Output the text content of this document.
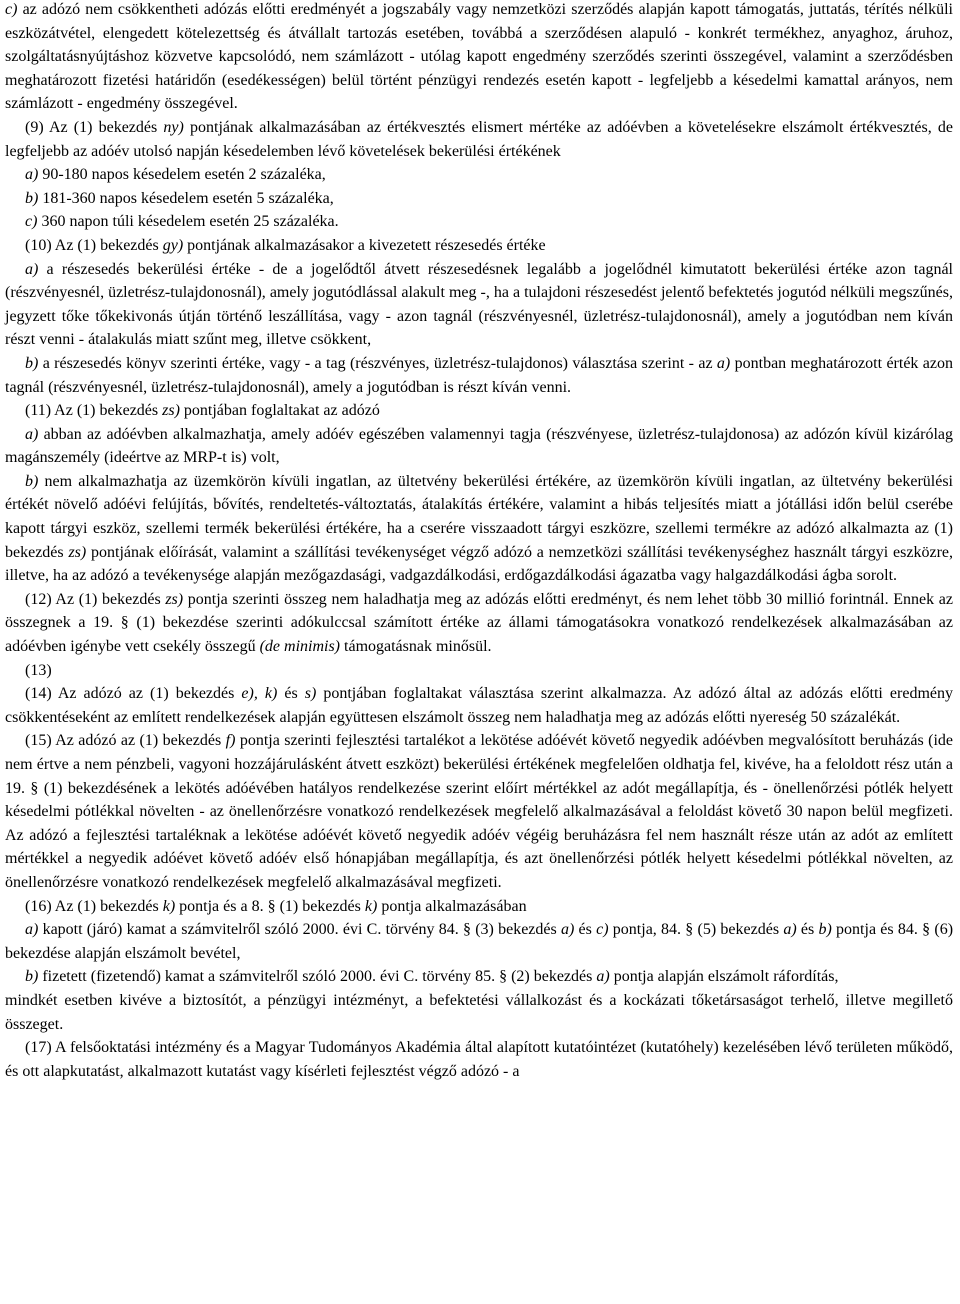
c) az adózó nem csökkentheti adózás előtti eredményét a jogszabály vagy nemzetközi szerződés alapján kapott támogatás, juttatás, térítés nélküli eszközátvétel, elengedett kötelezettség és átvállalt tartozás esetében, továbbá a szerződésen alapuló - konkrét termékhez, anyaghoz, áruhoz, szolgáltatásnyújtáshoz közvetve kapcsolódó, nem számlázott - utólag kapott engedmény szerződés szerinti összegével, valamint a szerződésben meghatározott fizetési határidőn (esedékességen) belül történt pénzügyi rendezés esetén kapott - legfeljebb a késedelmi kamattal arányos, nem számlázott - engedmény összegével.

(9) Az (1) bekezdés ny) pontjának alkalmazásában az értékvesztés elismert mértéke az adóévben a követelésekre elszámolt értékvesztés, de legfeljebb az adóév utolsó napján késedelemben lévő követelések bekerülési értékének

a) 90-180 napos késedelem esetén 2 százaléka,

b) 181-360 napos késedelem esetén 5 százaléka,

c) 360 napon túli késedelem esetén 25 százaléka.

(10) Az (1) bekezdés gy) pontjának alkalmazásakor a kivezetett részesedés értéke

a) a részesedés bekerülési értéke - de a jogelődtől átvett részesedésnek legalább a jogelődnél kimutatott bekerülési értéke azon tagnál (részvényesnél, üzletrész-tulajdonosnál), amely jogutódlással alakult meg -, ha a tulajdoni részesedést jelentő befektetés jogutód nélküli megszűnés, jegyzett tőke tőkekivonás útján történő leszállítása, vagy - azon tagnál (részvényesnél, üzletrész-tulajdonosnál), amely a jogutódban nem kíván részt venni - átalakulás miatt szűnt meg, illetve csökkent,

b) a részesedés könyv szerinti értéke, vagy - a tag (részvényes, üzletrész-tulajdonos) választása szerint - az a) pontban meghatározott érték azon tagnál (részvényesnél, üzletrész-tulajdonosnál), amely a jogutódban is részt kíván venni.

(11) Az (1) bekezdés zs) pontjában foglaltakat az adózó

a) abban az adóévben alkalmazhatja, amely adóév egészében valamennyi tagja (részvényese, üzletrész-tulajdonosa) az adózón kívül kizárólag magánszemély (ideértve az MRP-t is) volt,

b) nem alkalmazhatja az üzemkörön kívüli ingatlan, az ültetvény bekerülési értékére, az üzemkörön kívüli ingatlan, az ültetvény bekerülési értékét növelő adóévi felújítás, bővítés, rendeltetés-változtatás, átalakítás értékére, valamint a hibás teljesítés miatt a jótállási időn belül cserébe kapott tárgyi eszköz, szellemi termék bekerülési értékére, ha a cserére visszaadott tárgyi eszközre, szellemi termékre az adózó alkalmazta az (1) bekezdés zs) pontjának előírását, valamint a szállítási tevékenységet végző adózó a nemzetközi szállítási tevékenységhez használt tárgyi eszközre, illetve, ha az adózó a tevékenysége alapján mezőgazdasági, vadgazdálkodási, erdőgazdálkodási ágazatba vagy halgazdálkodási ágba sorolt.

(12) Az (1) bekezdés zs) pontja szerinti összeg nem haladhatja meg az adózás előtti eredményt, és nem lehet több 30 millió forintnál. Ennek az összegnek a 19. § (1) bekezdése szerinti adókulccsal számított értéke az állami támogatásokra vonatkozó rendelkezések alkalmazásában az adóévben igénybe vett csekély összegű (de minimis) támogatásnak minősül.

(13)

(14) Az adózó az (1) bekezdés e), k) és s) pontjában foglaltakat választása szerint alkalmazza. Az adózó által az adózás előtti eredmény csökkentéseként az említett rendelkezések alapján együttesen elszámolt összeg nem haladhatja meg az adózás előtti nyereség 50 százalékát.

(15) Az adózó az (1) bekezdés f) pontja szerinti fejlesztési tartalékot a lekötése adóévét követő negyedik adóévben megvalósított beruházás (ide nem értve a nem pénzbeli, vagyoni hozzájárulásként átvett eszközt) bekerülési értékének megfelelően oldhatja fel, kivéve, ha a feloldott rész után a 19. § (1) bekezdésének a lekötés adóévében hatályos rendelkezése szerint előírt mértékkel az adót megállapítja, és - önellenőrzési pótlék helyett késedelmi pótlékkal növelten - az önellenőrzésre vonatkozó rendelkezések megfelelő alkalmazásával a feloldást követő 30 napon belül megfizeti. Az adózó a fejlesztési tartaléknak a lekötése adóévét követő negyedik adóév végéig beruházásra fel nem használt része után az adót az említett mértékkel a negyedik adóévet követő adóév első hónapjában megállapítja, és azt önellenőrzési pótlék helyett késedelmi pótlékkal növelten, az önellenőrzésre vonatkozó rendelkezések megfelelő alkalmazásával megfizeti.

(16) Az (1) bekezdés k) pontja és a 8. § (1) bekezdés k) pontja alkalmazásában

a) kapott (járó) kamat a számvitelről szóló 2000. évi C. törvény 84. § (3) bekezdés a) és c) pontja, 84. § (5) bekezdés a) és b) pontja és 84. § (6) bekezdése alapján elszámolt bevétel,

b) fizetett (fizetendő) kamat a számvitelről szóló 2000. évi C. törvény 85. § (2) bekezdés a) pontja alapján elszámolt ráfordítás,

mindkét esetben kivéve a biztosítót, a pénzügyi intézményt, a befektetési vállalkozást és a kockázati tőketársaságot terhelő, illetve megillető összeget.

(17) A felsőoktatási intézmény és a Magyar Tudományos Akadémia által alapított kutatóintézet (kutatóhely) kezelésében lévő területen működő, és ott alapkutatást, alkalmazott kutatást vagy kísérleti fejlesztést végző adózó - a
